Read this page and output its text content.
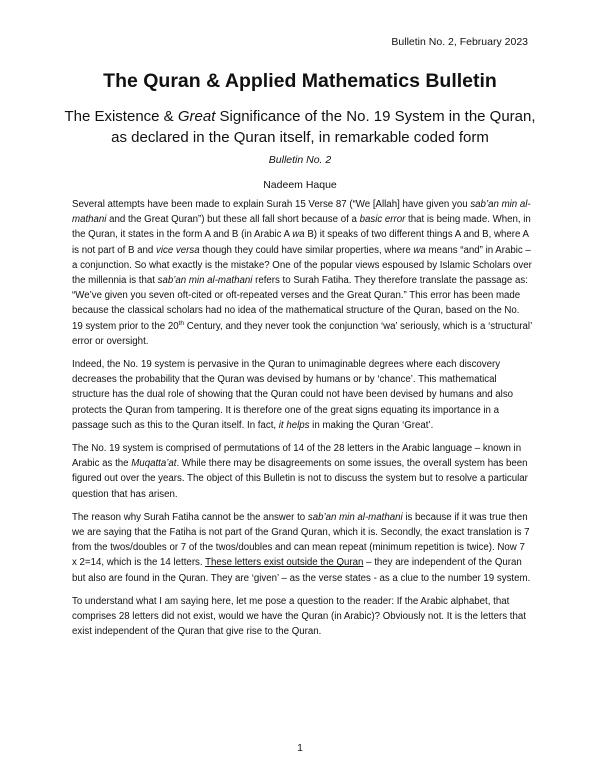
Bulletin No. 2, February 2023
The Quran & Applied Mathematics Bulletin
The Existence & Great Significance of the No. 19 System in the Quran,
as declared in the Quran itself, in remarkable coded form
Bulletin No. 2
Nadeem Haque

Several attempts have been made to explain Surah 15 Verse 87 (“We [Allah] have given you sab’an min al-mathani and the Great Quran”) but these all fall short because of a basic error that is being made. When, in the Quran, it states in the form A and B (in Arabic A wa B) it speaks of two different things A and B, where A is not part of B and vice versa though they could have similar properties, where wa means “and” in Arabic – a conjunction. So what exactly is the mistake? One of the popular views espoused by Islamic Scholars over the millennia is that sab’an min al-mathani refers to Surah Fatiha. They therefore translate the passage as: “We’ve given you seven oft-cited or oft-repeated verses and the Great Quran.” This error has been made because the classical scholars had no idea of the mathematical structure of the Quran, based on the No. 19 system prior to the 20th Century, and they never took the conjunction ‘wa’ seriously, which is a ‘structural’ error or oversight.

Indeed, the No. 19 system is pervasive in the Quran to unimaginable degrees where each discovery decreases the probability that the Quran was devised by humans or by ‘chance’. This mathematical structure has the dual role of showing that the Quran could not have been devised by humans and also protects the Quran from tampering. It is therefore one of the great signs equating its importance in a passage such as this to the Quran itself. In fact, it helps in making the Quran ‘Great’.

The No. 19 system is comprised of permutations of 14 of the 28 letters in the Arabic language – known in Arabic as the Muqatta’at. While there may be disagreements on some issues, the overall system has been figured out over the years. The object of this Bulletin is not to discuss the system but to resolve a particular question that has arisen.

The reason why Surah Fatiha cannot be the answer to sab’an min al-mathani is because if it was true then we are saying that the Fatiha is not part of the Grand Quran, which it is. Secondly, the exact translation is 7 from the twos/doubles or 7 of the twos/doubles and can mean repeat (minimum repetition is twice). Now 7 x 2=14, which is the 14 letters. These letters exist outside the Quran – they are independent of the Quran but also are found in the Quran. They are ‘given’ – as the verse states - as a clue to the number 19 system.

To understand what I am saying here, let me pose a question to the reader: If the Arabic alphabet, that comprises 28 letters did not exist, would we have the Quran (in Arabic)? Obviously not. It is the letters that exist independent of the Quran that give rise to the Quran.

1
